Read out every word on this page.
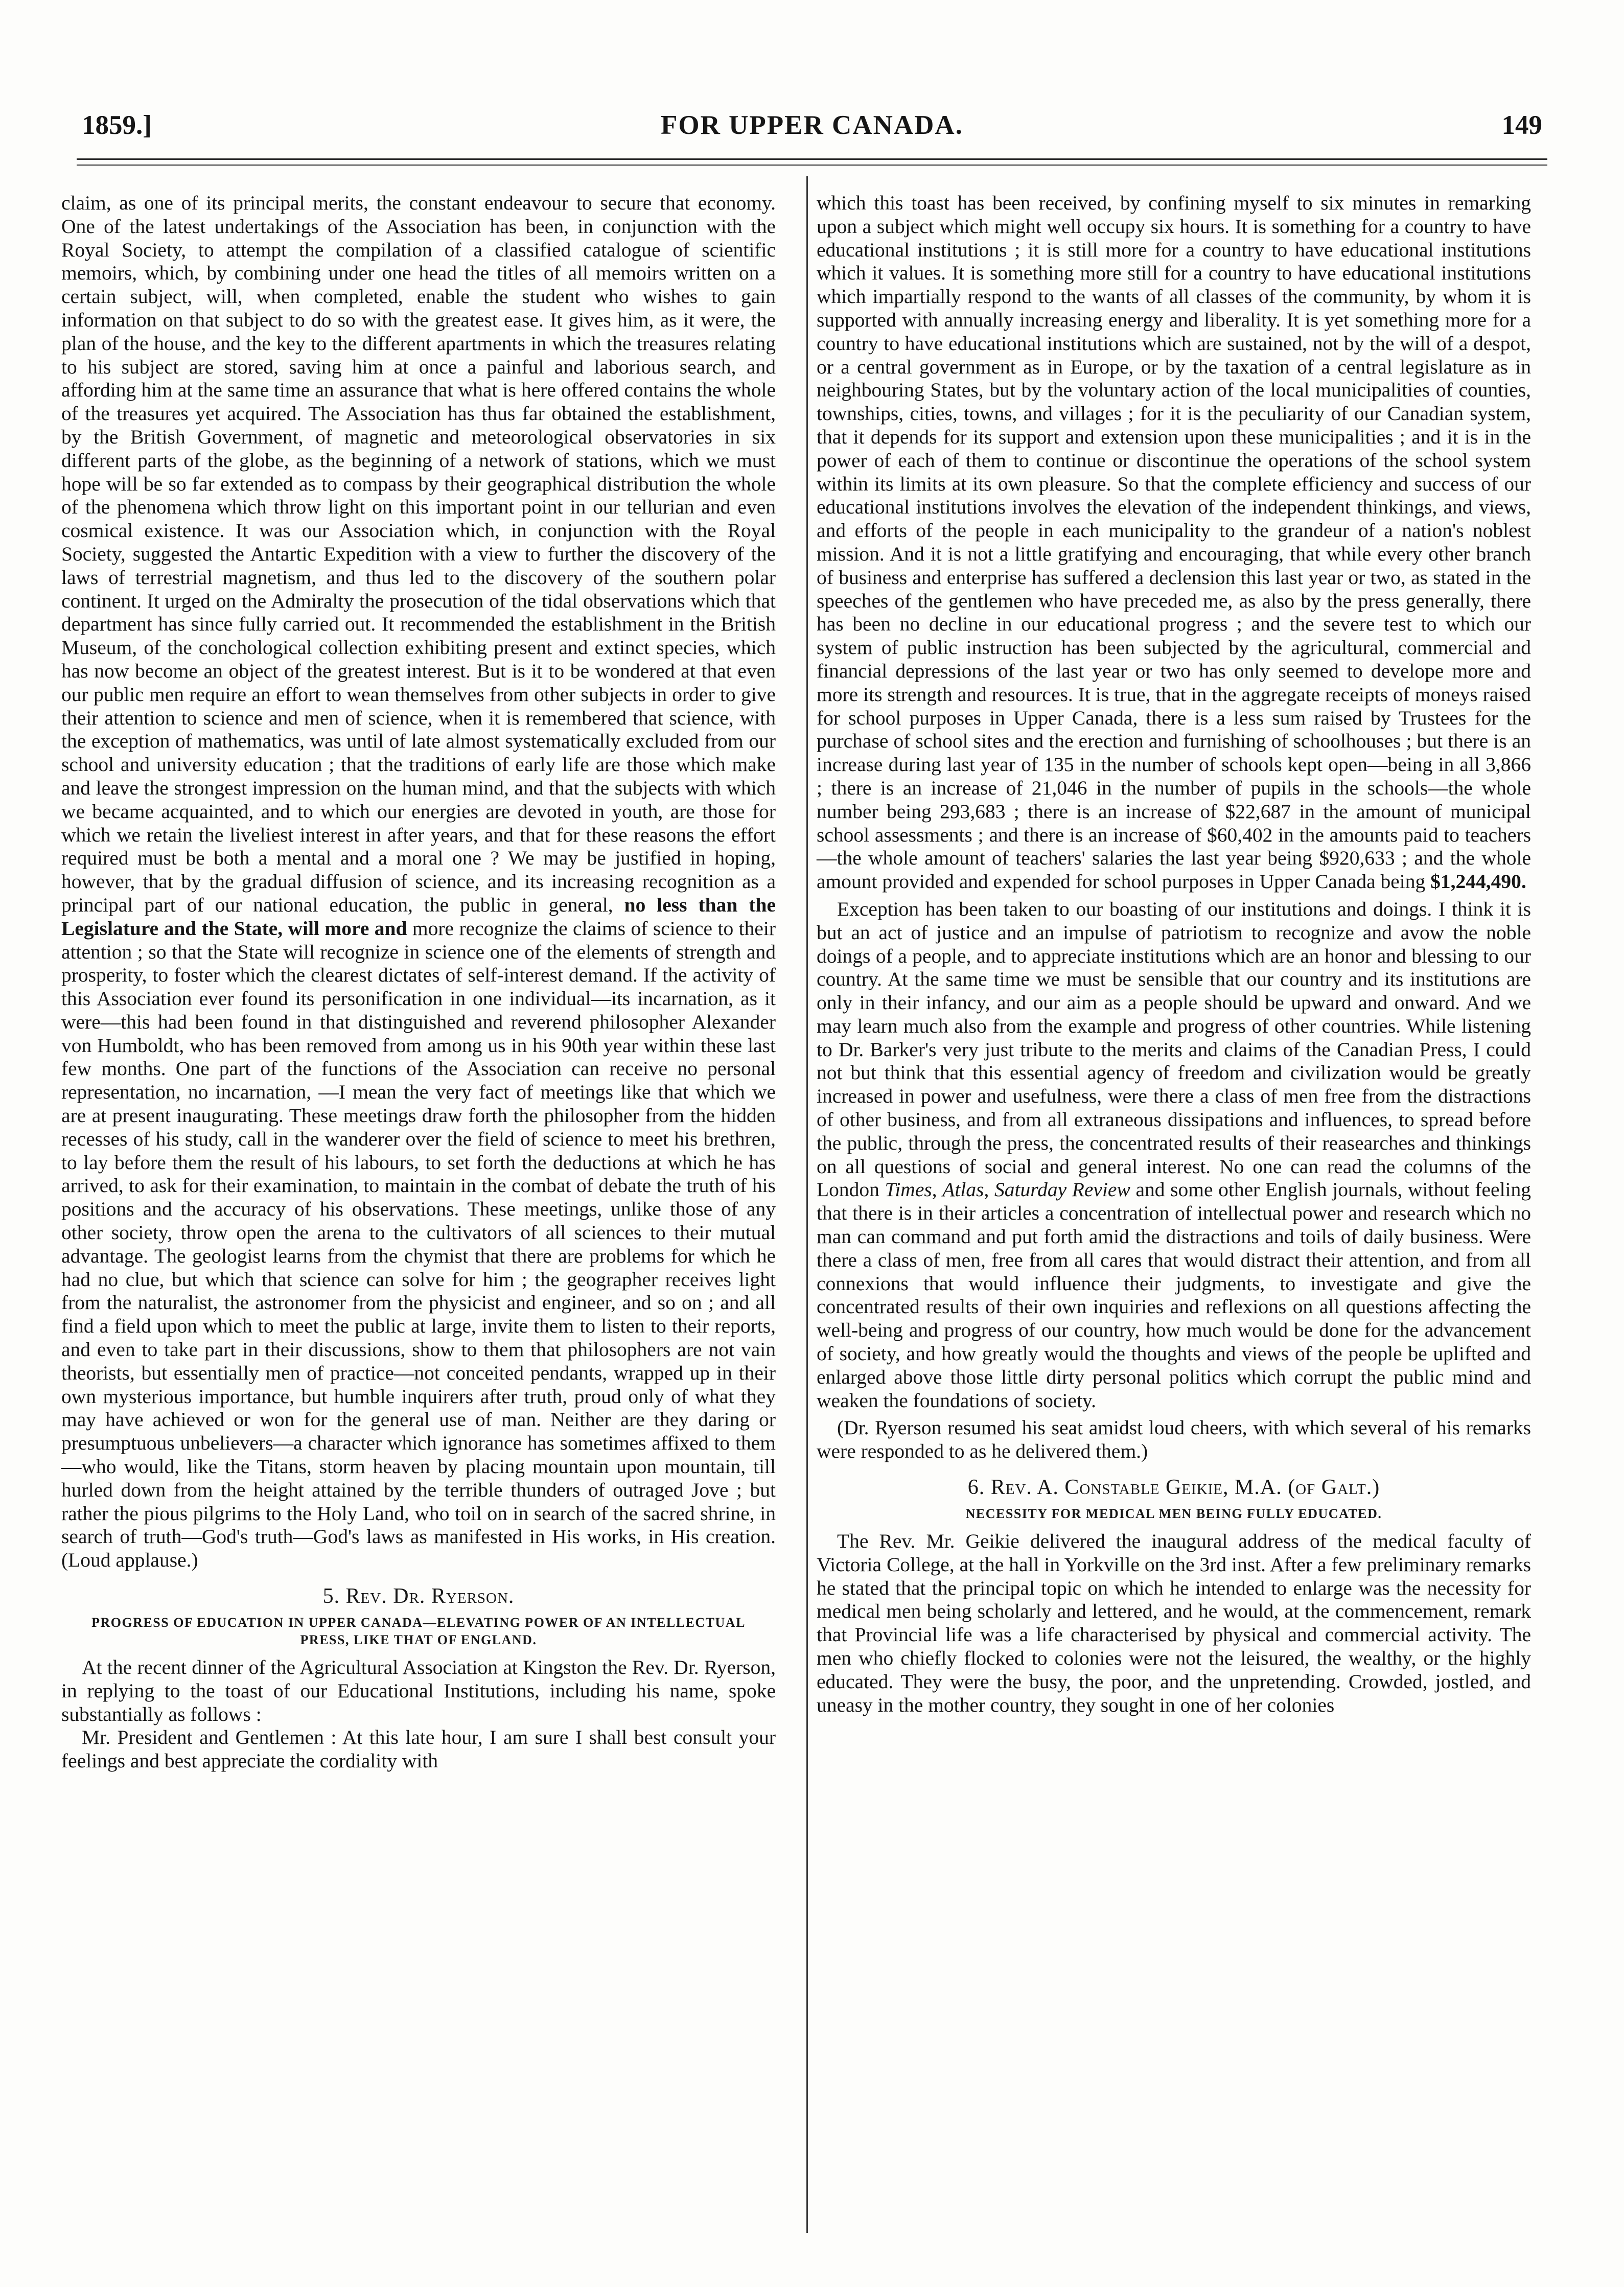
1859.]	FOR UPPER CANADA.	149

claim, as one of its principal merits, the constant endeavour to secure that economy. One of the latest undertakings of the Association has been, in conjunction with the Royal Society, to attempt the compilation of a classified catalogue of scientific memoirs, which, by combining under one head the titles of all memoirs written on a certain subject, will, when completed, enable the student who wishes to gain information on that subject to do so with the greatest ease. It gives him, as it were, the plan of the house, and the key to the different apartments in which the treasures relating to his subject are stored, saving him at once a painful and laborious search, and affording him at the same time an assurance that what is here offered contains the whole of the treasures yet acquired. The Association has thus far obtained the establishment, by the British Government, of magnetic and meteorological observatories in six different parts of the globe, as the beginning of a network of stations, which we must hope will be so far extended as to compass by their geographical distribution the whole of the phenomena which throw light on this important point in our tellurian and even cosmical existence. It was our Association which, in conjunction with the Royal Society, suggested the Antartic Expedition with a view to further the discovery of the laws of terrestrial magnetism, and thus led to the discovery of the southern polar continent. It urged on the Admiralty the prosecution of the tidal observations which that department has since fully carried out. It recommended the establishment in the British Museum, of the conchological collection exhibiting present and extinct species, which has now become an object of the greatest interest. But is it to be wondered at that even our public men require an effort to wean themselves from other subjects in order to give their attention to science and men of science, when it is remembered that science, with the exception of mathematics, was until of late almost systematically excluded from our school and university education ; that the traditions of early life are those which make and leave the strongest impression on the human mind, and that the subjects with which we became acquainted, and to which our energies are devoted in youth, are those for which we retain the liveliest interest in after years, and that for these reasons the effort required must be both a mental and a moral one ? We may be justified in hoping, however, that by the gradual diffusion of science, and its increasing recognition as a principal part of our national education, the public in general, no less than the Legislature and the State, will more and more recognize the claims of science to their attention ; so that the State will recognize in science one of the elements of strength and prosperity, to foster which the clearest dictates of self-interest demand. If the activity of this Association ever found its personification in one individual—its incarnation, as it were—this had been found in that distinguished and reverend philosopher Alexander von Humboldt, who has been removed from among us in his 90th year within these last few months. One part of the functions of the Association can receive no personal representation, no incarnation, —I mean the very fact of meetings like that which we are at present inaugurating. These meetings draw forth the philosopher from the hidden recesses of his study, call in the wanderer over the field of science to meet his brethren, to lay before them the result of his labours, to set forth the deductions at which he has arrived, to ask for their examination, to maintain in the combat of debate the truth of his positions and the accuracy of his observations. These meetings, unlike those of any other society, throw open the arena to the cultivators of all sciences to their mutual advantage. The geologist learns from the chymist that there are problems for which he had no clue, but which that science can solve for him ; the geographer receives light from the naturalist, the astronomer from the physicist and engineer, and so on ; and all find a field upon which to meet the public at large, invite them to listen to their reports, and even to take part in their discussions, show to them that philosophers are not vain theorists, but essentially men of practice—not conceited pendants, wrapped up in their own mysterious importance, but humble inquirers after truth, proud only of what they may have achieved or won for the general use of man. Neither are they daring or presumptuous unbelievers—a character which ignorance has sometimes affixed to them—who would, like the Titans, storm heaven by placing mountain upon mountain, till hurled down from the height attained by the terrible thunders of outraged Jove ; but rather the pious pilgrims to the Holy Land, who toil on in search of the sacred shrine, in search of truth—God's truth—God's laws as manifested in His works, in His creation. (Loud applause.)

5. Rev. Dr. Ryerson.

PROGRESS OF EDUCATION IN UPPER CANADA—ELEVATING POWER OF AN INTELLECTUAL PRESS, LIKE THAT OF ENGLAND.

At the recent dinner of the Agricultural Association at Kingston the Rev. Dr. Ryerson, in replying to the toast of our Educational Institutions, including his name, spoke substantially as follows :

Mr. President and Gentlemen : At this late hour, I am sure I shall best consult your feelings and best appreciate the cordiality with

which this toast has been received, by confining myself to six minutes in remarking upon a subject which might well occupy six hours. It is something for a country to have educational institutions ; it is still more for a country to have educational institutions which it values. It is something more still for a country to have educational institutions which impartially respond to the wants of all classes of the community, by whom it is supported with annually increasing energy and liberality. It is yet something more for a country to have educational institutions which are sustained, not by the will of a despot, or a central government as in Europe, or by the taxation of a central legislature as in neighbouring States, but by the voluntary action of the local municipalities of counties, townships, cities, towns, and villages ; for it is the peculiarity of our Canadian system, that it depends for its support and extension upon these municipalities ; and it is in the power of each of them to continue or discontinue the operations of the school system within its limits at its own pleasure. So that the complete efficiency and success of our educational institutions involves the elevation of the independent thinkings, and views, and efforts of the people in each municipality to the grandeur of a nation's noblest mission. And it is not a little gratifying and encouraging, that while every other branch of business and enterprise has suffered a declension this last year or two, as stated in the speeches of the gentlemen who have preceded me, as also by the press generally, there has been no decline in our educational progress ; and the severe test to which our system of public instruction has been subjected by the agricultural, commercial and financial depressions of the last year or two has only seemed to develope more and more its strength and resources. It is true, that in the aggregate receipts of moneys raised for school purposes in Upper Canada, there is a less sum raised by Trustees for the purchase of school sites and the erection and furnishing of schoolhouses ; but there is an increase during last year of 135 in the number of schools kept open—being in all 3,866 ; there is an increase of 21,046 in the number of pupils in the schools—the whole number being 293,683 ; there is an increase of $22,687 in the amount of municipal school assessments ; and there is an increase of $60,402 in the amounts paid to teachers—the whole amount of teachers' salaries the last year being $920,633 ; and the whole amount provided and expended for school purposes in Upper Canada being $1,244,490.

Exception has been taken to our boasting of our institutions and doings. I think it is but an act of justice and an impulse of patriotism to recognize and avow the noble doings of a people, and to appreciate institutions which are an honor and blessing to our country. At the same time we must be sensible that our country and its institutions are only in their infancy, and our aim as a people should be upward and onward. And we may learn much also from the example and progress of other countries. While listening to Dr. Barker's very just tribute to the merits and claims of the Canadian Press, I could not but think that this essential agency of freedom and civilization would be greatly increased in power and usefulness, were there a class of men free from the distractions of other business, and from all extraneous dissipations and influences, to spread before the public, through the press, the concentrated results of their reasearches and thinkings on all questions of social and general interest. No one can read the columns of the London Times, Atlas, Saturday Review and some other English journals, without feeling that there is in their articles a concentration of intellectual power and research which no man can command and put forth amid the distractions and toils of daily business. Were there a class of men, free from all cares that would distract their attention, and from all connexions that would influence their judgments, to investigate and give the concentrated results of their own inquiries and reflexions on all questions affecting the well-being and progress of our country, how much would be done for the advancement of society, and how greatly would the thoughts and views of the people be uplifted and enlarged above those little dirty personal politics which corrupt the public mind and weaken the foundations of society.

(Dr. Ryerson resumed his seat amidst loud cheers, with which several of his remarks were responded to as he delivered them.)

6. Rev. A. Constable Geikie, M.A. (of Galt.)

NECESSITY FOR MEDICAL MEN BEING FULLY EDUCATED.

The Rev. Mr. Geikie delivered the inaugural address of the medical faculty of Victoria College, at the hall in Yorkville on the 3rd inst. After a few preliminary remarks he stated that the principal topic on which he intended to enlarge was the necessity for medical men being scholarly and lettered, and he would, at the commencement, remark that Provincial life was a life characterised by physical and commercial activity. The men who chiefly flocked to colonies were not the leisured, the wealthy, or the highly educated. They were the busy, the poor, and the unpretending. Crowded, jostled, and uneasy in the mother country, they sought in one of her colonies
